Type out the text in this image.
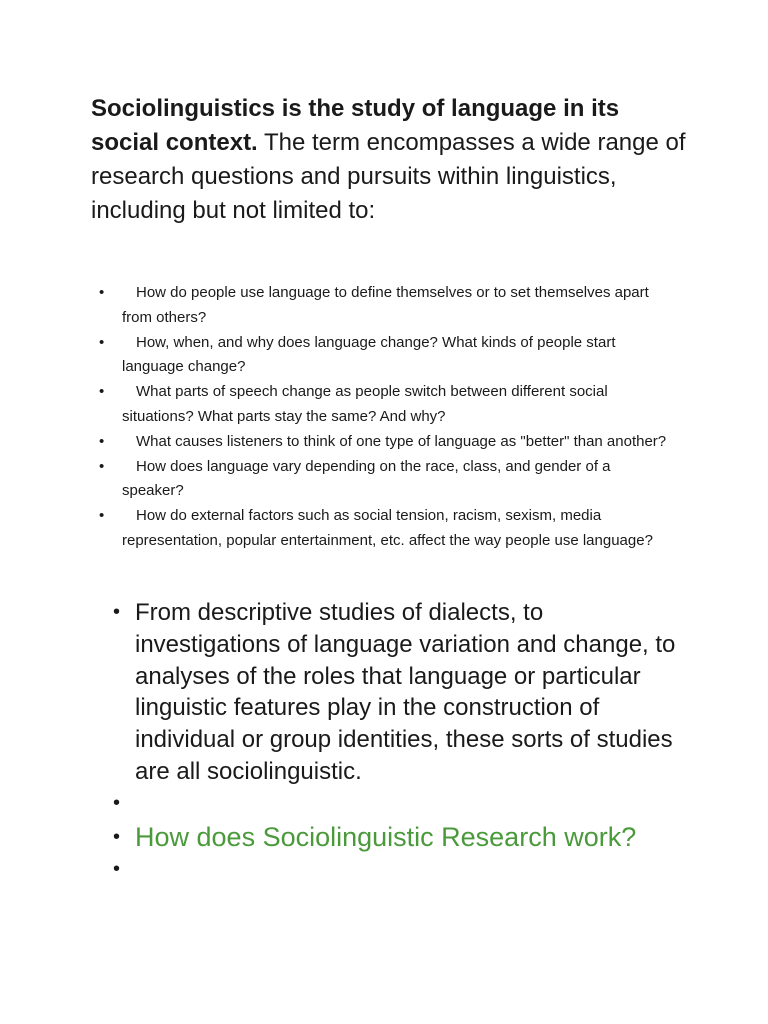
Sociolinguistics is the study of language in its social context. The term encompasses a wide range of research questions and pursuits within linguistics, including but not limited to:

• How do people use language to define themselves or to set themselves apart from others?
• How, when, and why does language change? What kinds of people start language change?
• What parts of speech change as people switch between different social situations? What parts stay the same? And why?
• What causes listeners to think of one type of language as "better" than another?
• How does language vary depending on the race, class, and gender of a speaker?
• How do external factors such as social tension, racism, sexism, media representation, popular entertainment, etc. affect the way people use language?
• From descriptive studies of dialects, to investigations of language variation and change, to analyses of the roles that language or particular linguistic features play in the construction of individual or group identities, these sorts of studies are all sociolinguistic.
•
• How does Sociolinguistic Research work?
•
